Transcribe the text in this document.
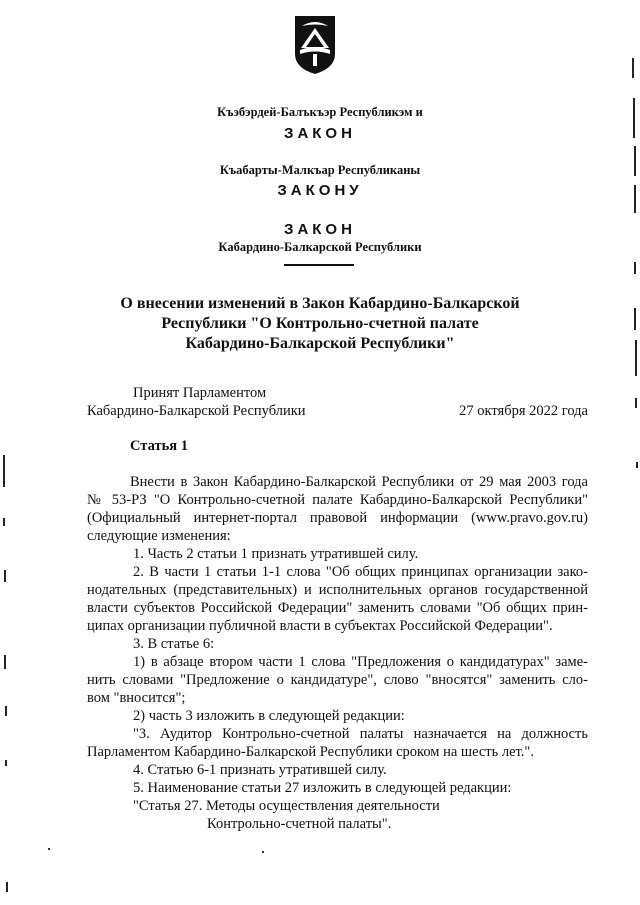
Къэбэрдей-Балъкъэр Республикэм и
ЗАКОН
Къабарты-Малкъар Республиканы
ЗАКОНУ
ЗАКОН
Кабардино-Балкарской Республики
О внесении изменений в Закон Кабардино-Балкарской
Республики "О Контрольно-счетной палате
Кабардино-Балкарской Республики"
Принят Парламентом
Кабардино-Балкарской Республики	27 октября 2022 года
Статья 1
Внести в Закон Кабардино-Балкарской Республики от 29 мая 2003 года
№ 53-РЗ "О Контрольно-счетной палате Кабардино-Балкарской Республики"
(Официальный интернет-портал правовой информации (www.pravo.gov.ru)
следующие изменения:
1. Часть 2 статьи 1 признать утратившей силу.
2. В части 1 статьи 1-1 слова "Об общих принципах организации зако-
нодательных (представительных) и исполнительных органов государственной
власти субъектов Российской Федерации" заменить словами "Об общих прин-
ципах организации публичной власти в субъектах Российской Федерации".
3. В статье 6:
1) в абзаце втором части 1 слова "Предложения о кандидатурах" заме-
нить словами "Предложение о кандидатуре", слово "вносятся" заменить сло-
вом "вносится";
2) часть 3 изложить в следующей редакции:
"3. Аудитор Контрольно-счетной палаты назначается на должность
Парламентом Кабардино-Балкарской Республики сроком на шесть лет.".
4. Статью 6-1 признать утратившей силу.
5. Наименование статьи 27 изложить в следующей редакции:
"Статья 27. Методы осуществления деятельности
Контрольно-счетной палаты".
